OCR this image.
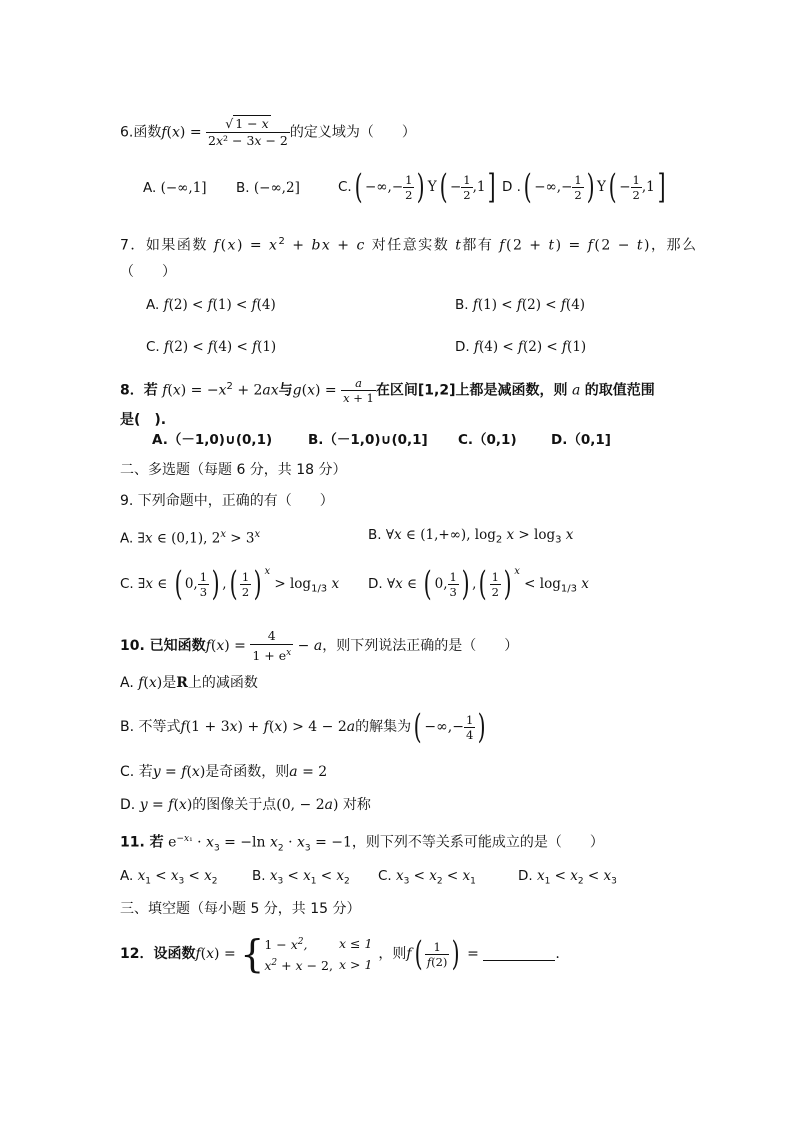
6.函数$f(x) = \frac{√ 1 - x}{\text{2x² − 3x − 2}}$ 的定义域为（　　）
A. (−∞,1] B. (−∞,2]	C.( −∞,− $\frac{1}{2}$ ) $Y( - \frac{1}{2} ,1]$ D .( −∞,− $\frac{1}{2}$ ) $Y( - \frac{1}{2} ,1]$
7．如果函数 $f(x) = x^2$ + bx + c 对任意实数 t都有 f(2 + t) = f(2 − t)，那么
（　　）
A. f(2) < f(1) < f(4)	B. f(1) < f(2) < f(4)
C. f(2) < f(4) < f(1)	D. f(4) < f(2) < f(1)
8．若 $f(x) = -x^2 + 2ax$与$g(x) = \frac{a}{x + 1}$ 在区间[1,2]上都是减函数，则 a 的取值范围
是(　).
A.（－1,0)∪(0,1)	B.（－1,0)∪(0,1] C.（0,1)	D.（0,1]
二、多选题（每题 6 分，共 18 分）
9. 下列命题中，正确的有（　　）
A. ∃x ∈ (0,1), $2^x > 3^x$	B. ∀x ∈ (1,+∞), $\log_2 x > \log_3 x$
C. ∃x ∈ ( 0, $\frac{1}{3}$ ) ,( $\frac{1}{2}$ ) $^x > \log_{1/3} x$ D. ∀x ∈ ( 0, $\frac{1}{3}$ ) ,( $\frac{1}{2}$ ) $^x < \log_{1/3} x$
10. 已知函数$f(x) = \frac{4}{1 + e^x} - a$，则下列说法正确的是（　　）
A. f(x)是R上的减函数
B. 不等式f(1 + 3x) + f(x) > 4 − 2a的解集为( −∞,− $\frac{1}{4}$ )
C. 若y = f(x)是奇函数，则a = 2
D. y = f(x)的图像关于点(0, − 2a) 对称
11. 若 $e^{-x_1} \cdot x_3 = -\ln$ $x_2 \cdot x_3 = -1$，则下列不等关系可能成立的是（　　）
A. $x_1 < x_3 < x_2$	B. $x_3 < x_1 < x_2$ C. $x_3 < x_2 < x_1$	D. $x_1 < x_2 < x_3$
三、填空题（每小题 5 分，共 15 分）
12．设函数f(x) = { $1 - x^2$,	x ≤ 1
$x^2 + x - 2$,	x > 1，则$f( \frac{1}{f(2)}$ ) =	.
